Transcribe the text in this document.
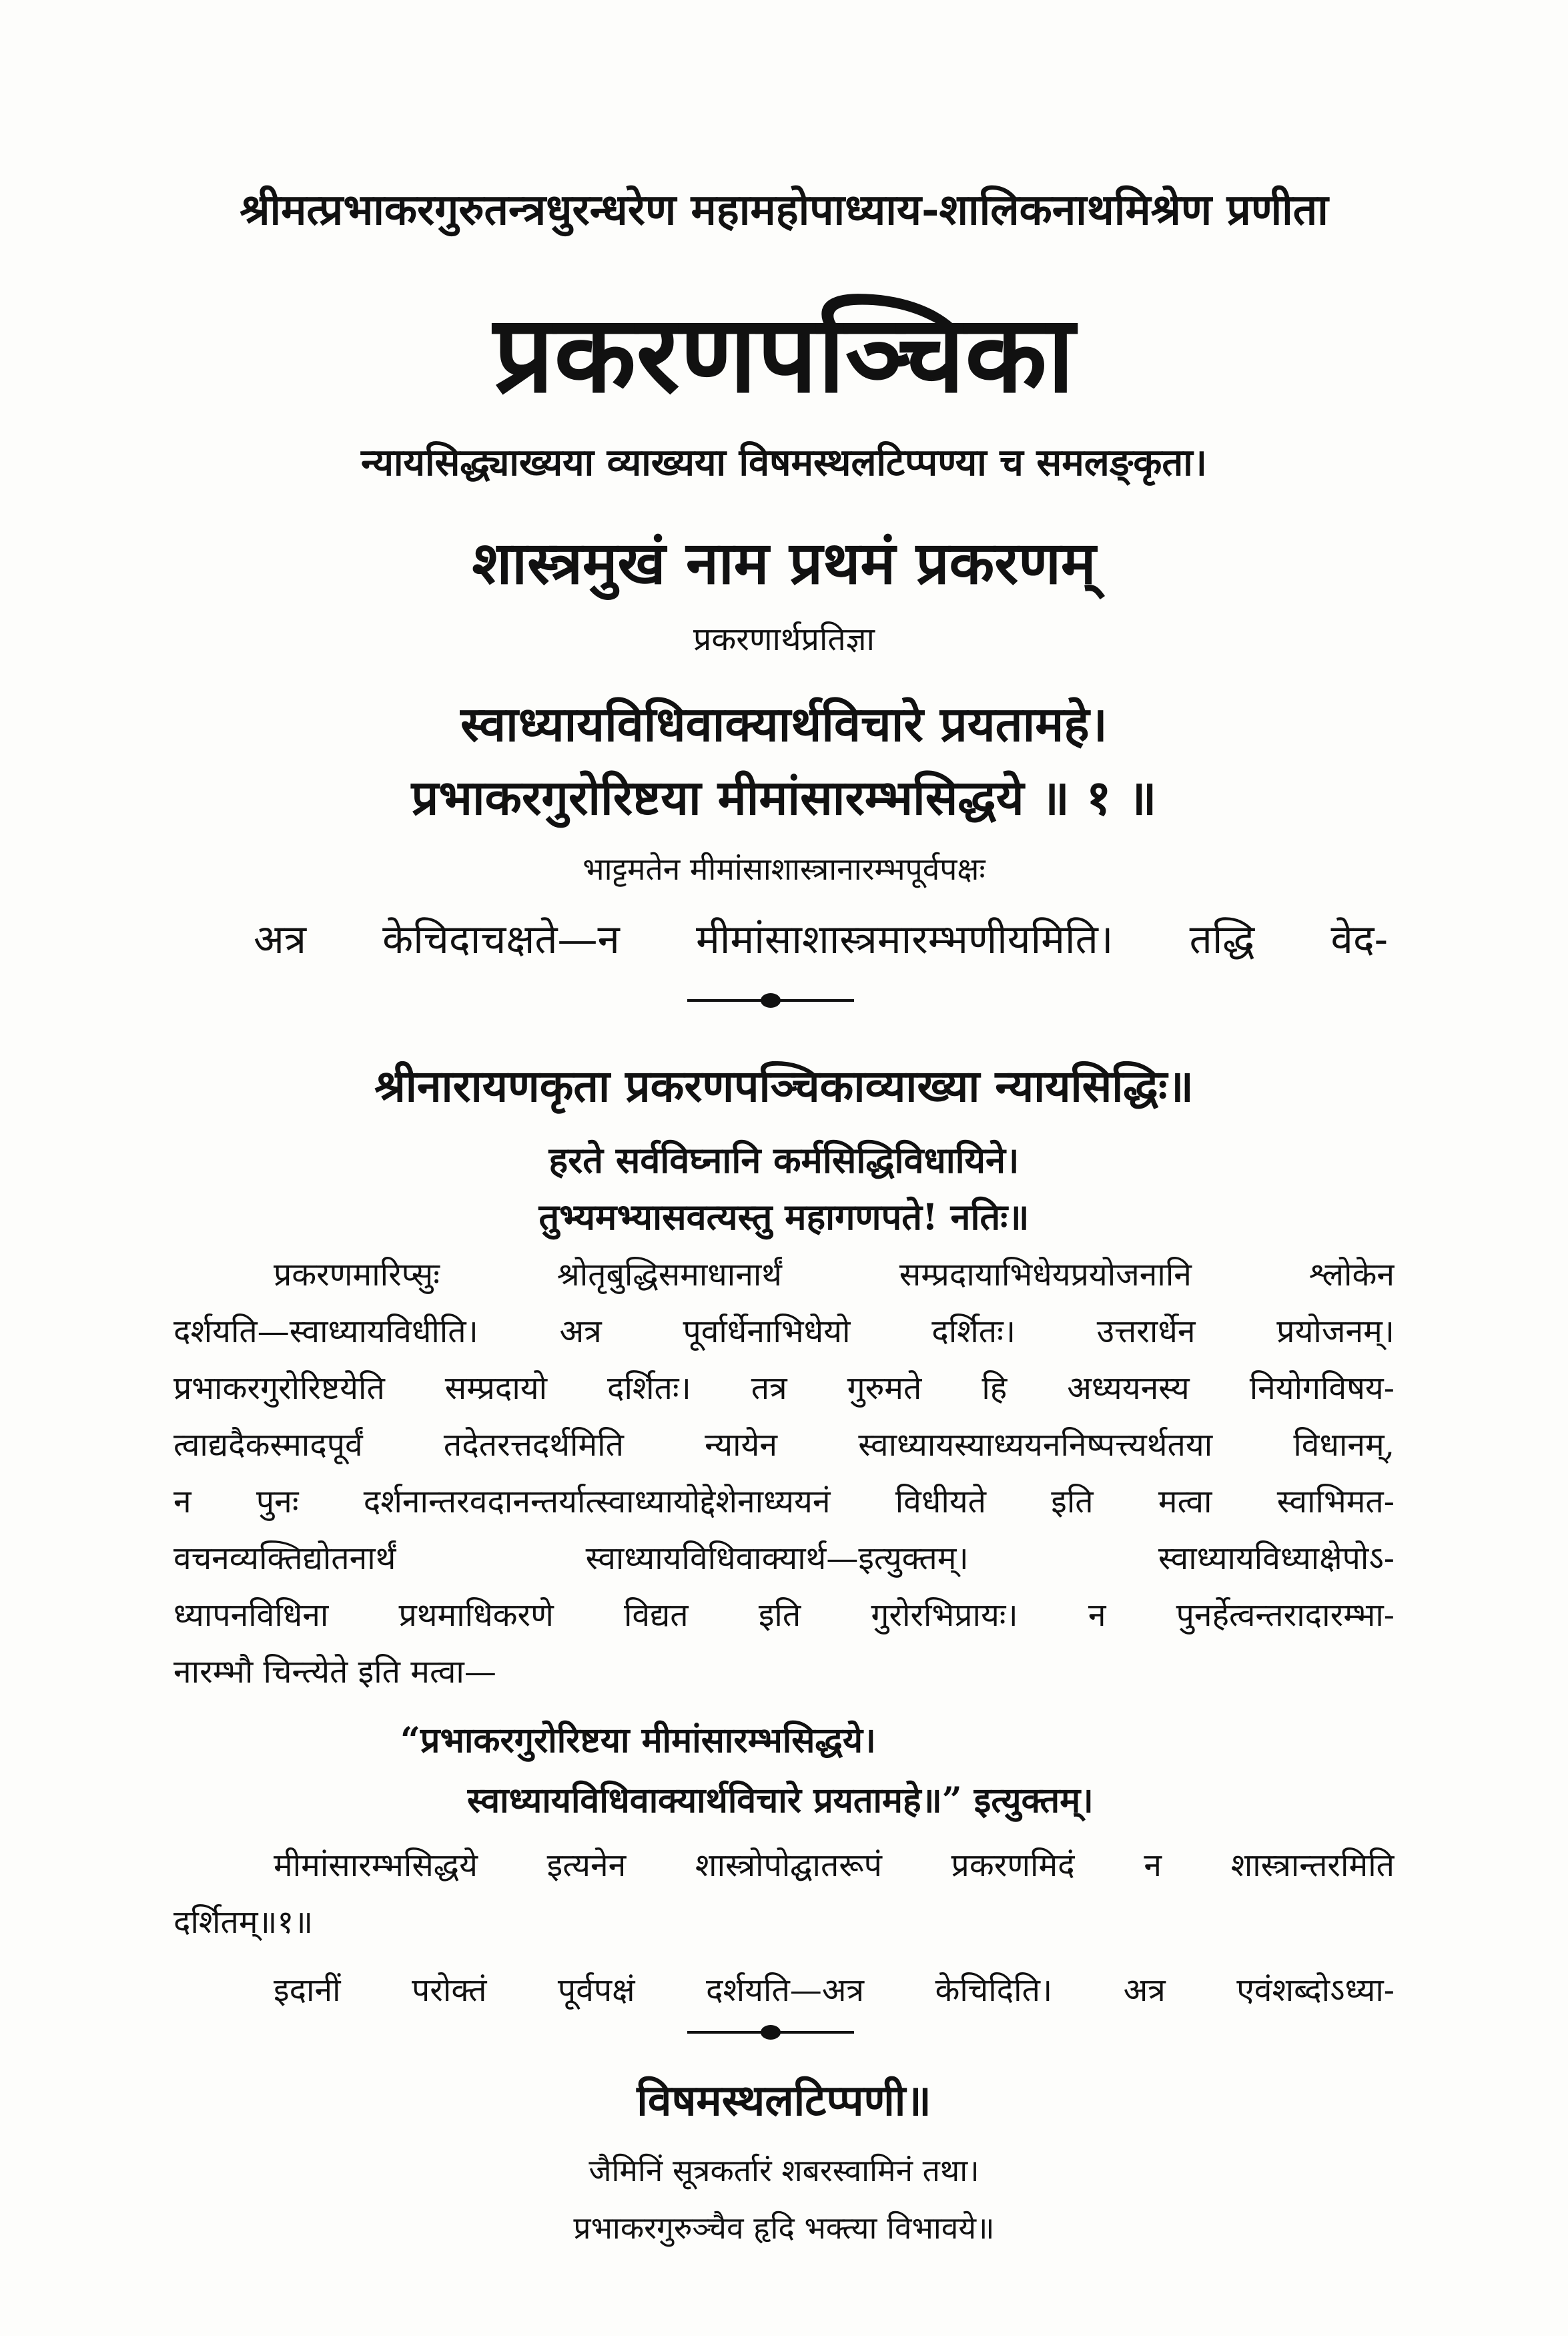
श्रीमत्प्रभाकरगुरुतन्त्रधुरन्धरेण महामहोपाध्याय-शालिकनाथमिश्रेण प्रणीता
प्रकरणपञ्चिका
न्यायसिद्ध्याख्यया व्याख्यया विषमस्थलटिप्पण्या च समलङ्कृता।
शास्त्रमुखं नाम प्रथमं प्रकरणम्
प्रकरणार्थप्रतिज्ञा
स्वाध्यायविधिवाक्यार्थविचारे प्रयतामहे।
प्रभाकरगुरोरिष्टया मीमांसारम्भसिद्धये ॥ १ ॥
भाट्टमतेन मीमांसाशास्त्रानारम्भपूर्वपक्षः
अत्र केचिदाचक्षते—न मीमांसाशास्त्रमारम्भणीयमिति। तद्धि वेद-
श्रीनारायणकृता प्रकरणपञ्चिकाव्याख्या न्यायसिद्धिः॥
हरते सर्वविघ्नानि कर्मसिद्धिविधायिने।
तुभ्यमभ्यासवत्यस्तु महागणपते! नतिः॥
प्रकरणमारिप्सुः श्रोतृबुद्धिसमाधानार्थं सम्प्रदायाभिधेयप्रयोजनानि श्लोकेन
दर्शयति—स्वाध्यायविधीति। अत्र पूर्वार्धेनाभिधेयो दर्शितः। उत्तरार्धेन प्रयोजनम्।
प्रभाकरगुरोरिष्टयेति सम्प्रदायो दर्शितः। तत्र गुरुमते हि अध्ययनस्य नियोगविषय-
त्वाद्यदैकस्मादपूर्वं तदेतरत्तदर्थमिति न्यायेन स्वाध्यायस्याध्ययननिष्पत्त्यर्थतया विधानम्,
न पुनः दर्शनान्तरवदानन्तर्यात्स्वाध्यायोद्देशेनाध्ययनं विधीयते इति मत्वा स्वाभिमत-
वचनव्यक्तिद्योतनार्थं स्वाध्यायविधिवाक्यार्थ—इत्युक्तम्। स्वाध्यायविध्याक्षेपोऽ-
ध्यापनविधिना प्रथमाधिकरणे विद्यत इति गुरोरभिप्रायः। न पुनर्हेत्वन्तरादारम्भा-
नारम्भौ चिन्त्येते इति मत्वा—
“प्रभाकरगुरोरिष्टया मीमांसारम्भसिद्धये।
स्वाध्यायविधिवाक्यार्थविचारे प्रयतामहे॥” इत्युक्तम्।
मीमांसारम्भसिद्धये इत्यनेन शास्त्रोपोद्घातरूपं प्रकरणमिदं न शास्त्रान्तरमिति
दर्शितम्॥१॥
इदानीं परोक्तं पूर्वपक्षं दर्शयति—अत्र केचिदिति। अत्र एवंशब्दोऽध्या-
विषमस्थलटिप्पणी॥
जैमिनिं सूत्रकर्तारं शबरस्वामिनं तथा।
प्रभाकरगुरुञ्चैव हृदि भक्त्या विभावये॥
